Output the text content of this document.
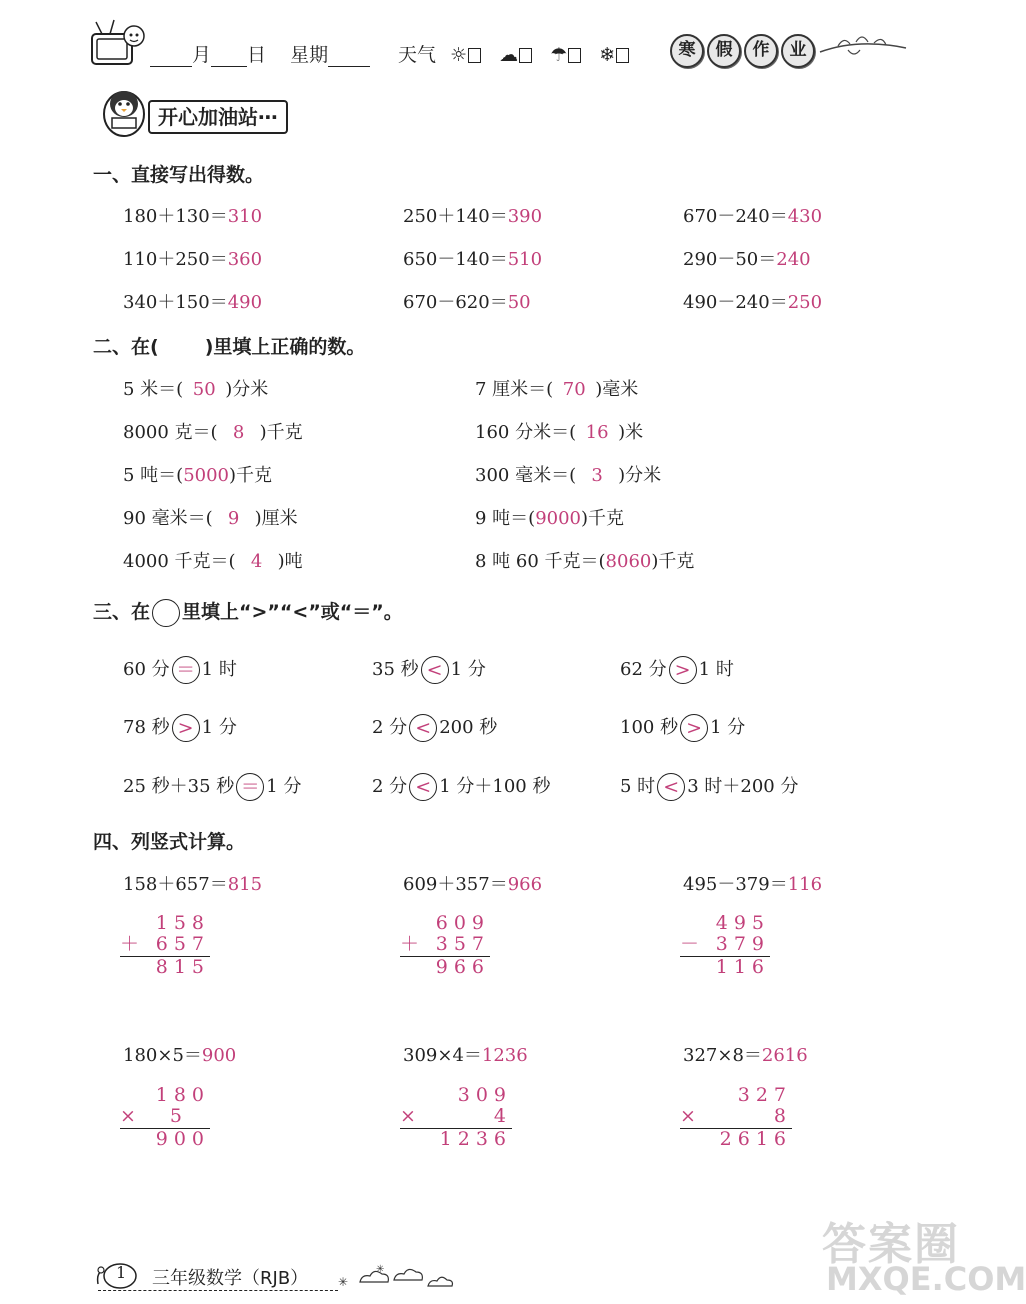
月 日 星期	天气 ☼ ☁ ☂ ❄	寒 假 作 业
开心加油站⋯
一、直接写出得数。
180＋130＝310	250＋140＝390	670－240＝430
110＋250＝360	650－140＝510	290－50＝240
340＋150＝490	670－620＝50	490－240＝250
二、在( )里填上正确的数。
5 米＝( 50 )分米	7 厘米＝( 70 )毫米
8000 克＝( 8 )千克	160 分米＝( 16 )米
5 吨＝(5000)千克	300 毫米＝( 3 )分米
90 毫米＝( 9 )厘米	9 吨＝(9000)千克
4000 千克＝( 4 )吨	8 吨 60 千克＝(8060)千克
三、在 里填上“>”“<”或“＝”。
60 分 ＝ 1 时	35 秒 < 1 分	62 分 > 1 时
78 秒 > 1 分	2 分 < 200 秒	100 秒 > 1 分
25 秒＋35 秒 ＝ 1 分	2 分 < 1 分＋100 秒	5 时 < 3 时＋200 分
四、列竖式计算。
158＋657＝815	609＋357＝966	495－379＝116
158
＋ 657
815
609
＋ 357
966
495
－ 379
116
180×5＝900	309×4＝1236	327×8＝2616
180
× 5
900
309
×	4
1236
327
×	8
2616
1 三年级数学（RJB） ✳
✳	答案圈
MXQE.COM
